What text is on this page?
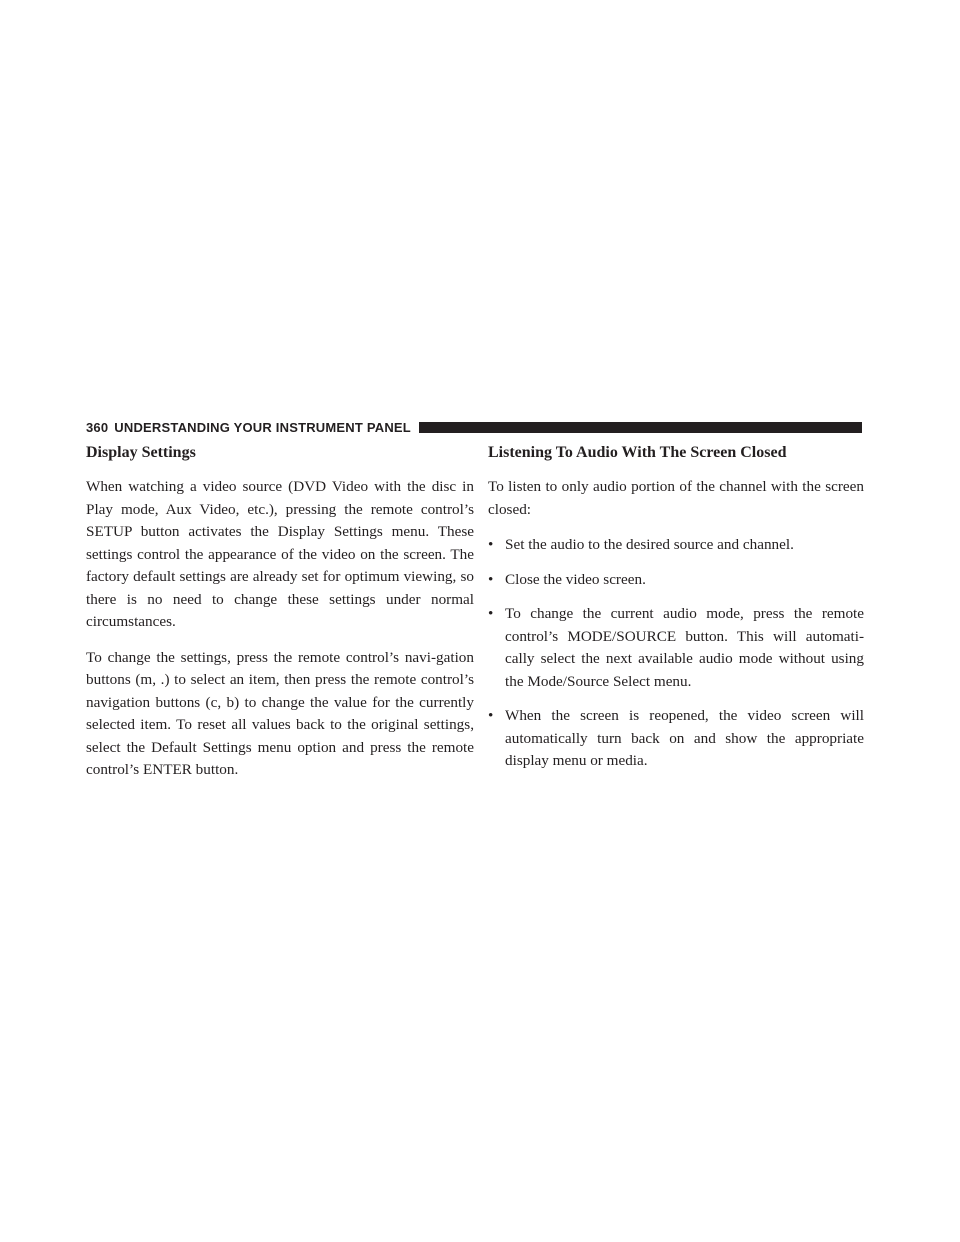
360 UNDERSTANDING YOUR INSTRUMENT PANEL
Display Settings

When watching a video source (DVD Video with the disc in Play mode, Aux Video, etc.), pressing the remote control’s SETUP button activates the Display Settings menu. These settings control the appearance of the video on the screen. The factory default settings are already set for optimum viewing, so there is no need to change these settings under normal circumstances.

To change the settings, press the remote control’s navi-gation buttons (m, .) to select an item, then press the remote control’s navigation buttons (c, b) to change the value for the currently selected item. To reset all values back to the original settings, select the Default Settings menu option and press the remote control’s ENTER button.

Listening To Audio With The Screen Closed

To listen to only audio portion of the channel with the screen closed:

• Set the audio to the desired source and channel.
• Close the video screen.
• To change the current audio mode, press the remote control’s MODE/SOURCE button. This will automati-cally select the next available audio mode without using the Mode/Source Select menu.
• When the screen is reopened, the video screen will automatically turn back on and show the appropriate display menu or media.
